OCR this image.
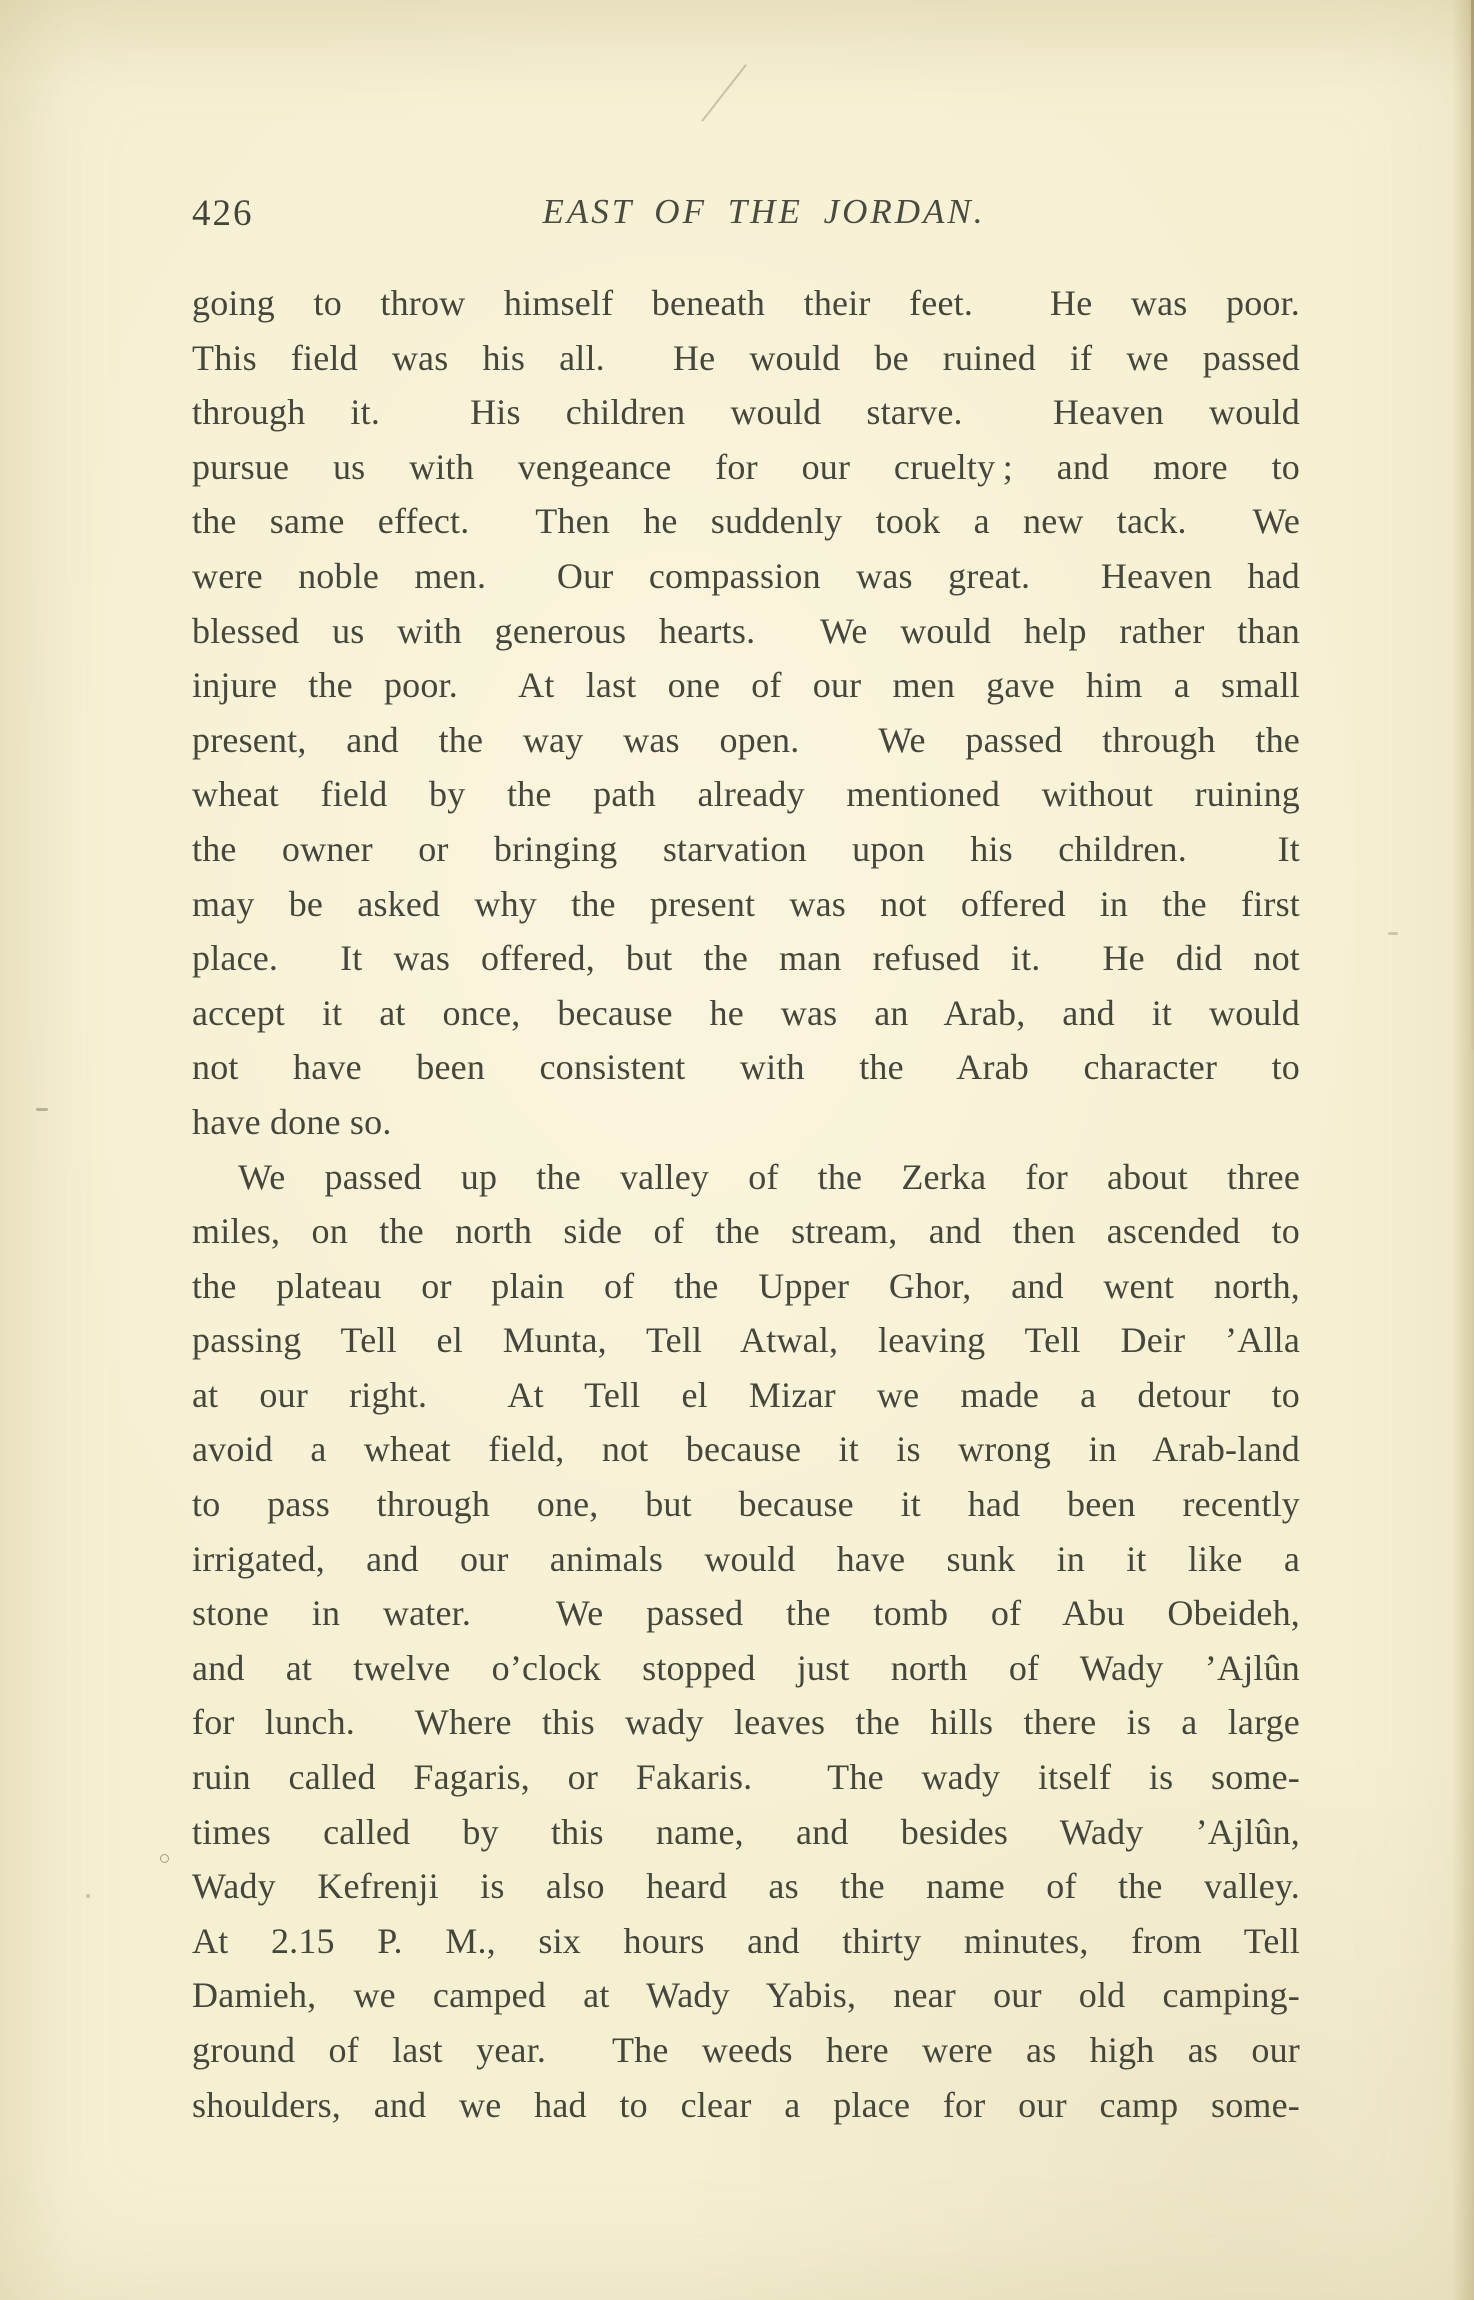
426	EAST OF THE JORDAN.
going to throw himself beneath their feet.  He was poor.
This field was his all.  He would be ruined if we passed
through it.  His children would starve.  Heaven would
pursue us with vengeance for our cruelty ; and more to
the same effect.  Then he suddenly took a new tack.  We
were noble men.  Our compassion was great.  Heaven had
blessed us with generous hearts.  We would help rather than
injure the poor.  At last one of our men gave him a small
present, and the way was open.  We passed through the
wheat field by the path already mentioned without ruining
the owner or bringing starvation upon his children.  It
may be asked why the present was not offered in the first
place.  It was offered, but the man refused it.  He did not
accept it at once, because he was an Arab, and it would
not have been consistent with the Arab character to
have done so.
We passed up the valley of the Zerka for about three
miles, on the north side of the stream, and then ascended to
the plateau or plain of the Upper Ghor, and went north,
passing Tell el Munta, Tell Atwal, leaving Tell Deir ’Alla
at our right.  At Tell el Mizar we made a detour to
avoid a wheat field, not because it is wrong in Arab-land
to pass through one, but because it had been recently
irrigated, and our animals would have sunk in it like a
stone in water.  We passed the tomb of Abu Obeideh,
and at twelve o’clock stopped just north of Wady ’Ajlûn
for lunch.  Where this wady leaves the hills there is a large
ruin called Fagaris, or Fakaris.  The wady itself is some-
times called by this name, and besides Wady ’Ajlûn,
Wady Kefrenji is also heard as the name of the valley.
At 2.15 P. M., six hours and thirty minutes, from Tell
Damieh, we camped at Wady Yabis, near our old camping-
ground of last year.  The weeds here were as high as our
shoulders, and we had to clear a place for our camp some-
